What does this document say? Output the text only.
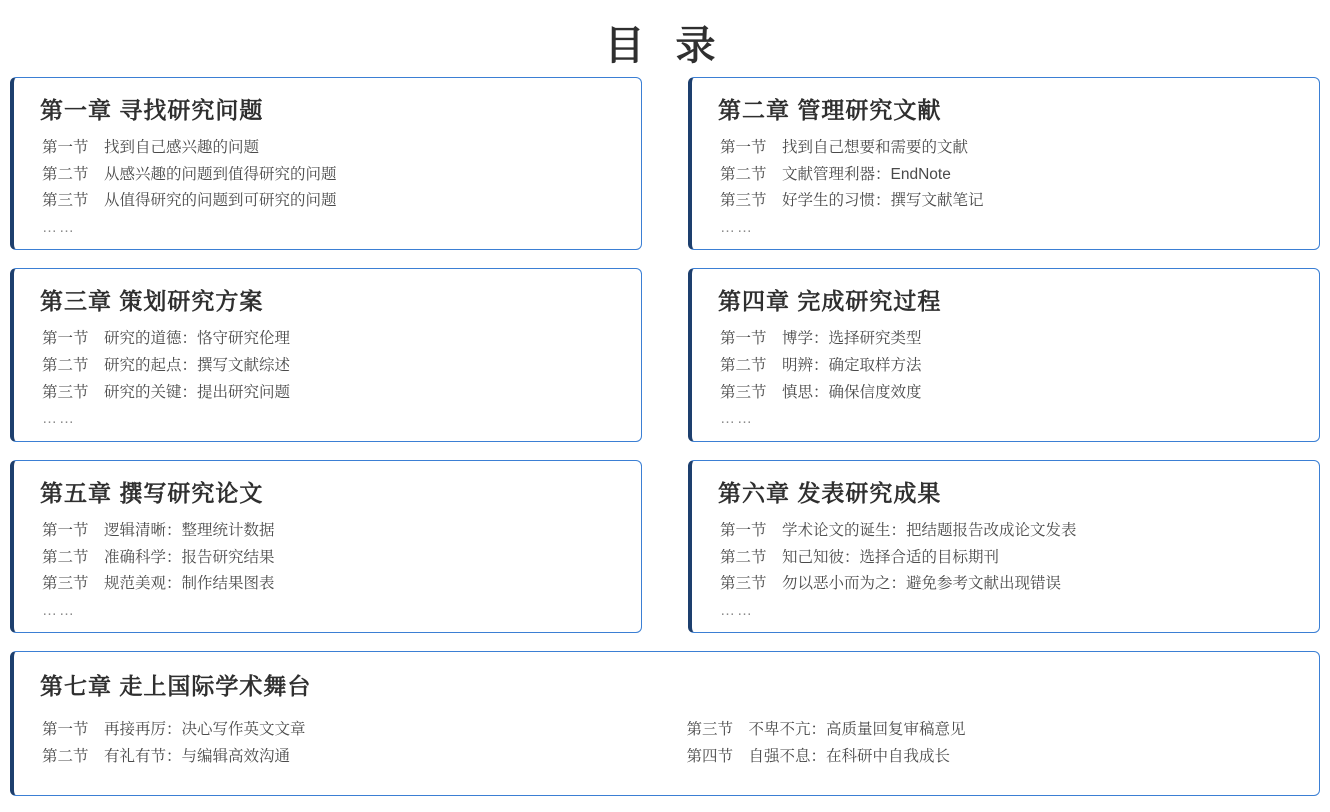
目 录
第一章 寻找研究问题
第一节 找到自己感兴趣的问题
第二节 从感兴趣的问题到值得研究的问题
第三节 从值得研究的问题到可研究的问题
……
第二章 管理研究文献
第一节 找到自己想要和需要的文献
第二节 文献管理利器：EndNote
第三节 好学生的习惯：撰写文献笔记
……
第三章 策划研究方案
第一节 研究的道德：恪守研究伦理
第二节 研究的起点：撰写文献综述
第三节 研究的关键：提出研究问题
……
第四章 完成研究过程
第一节 博学：选择研究类型
第二节 明辨：确定取样方法
第三节 慎思：确保信度效度
……
第五章 撰写研究论文
第一节 逻辑清晰：整理统计数据
第二节 准确科学：报告研究结果
第三节 规范美观：制作结果图表
……
第六章 发表研究成果
第一节 学术论文的诞生：把结题报告改成论文发表
第二节 知己知彼：选择合适的目标期刊
第三节 勿以恶小而为之：避免参考文献出现错误
……
第七章 走上国际学术舞台
第一节 再接再厉：决心写作英文文章
第二节 有礼有节：与编辑高效沟通
第三节 不卑不亢：高质量回复审稿意见
第四节 自强不息：在科研中自我成长
